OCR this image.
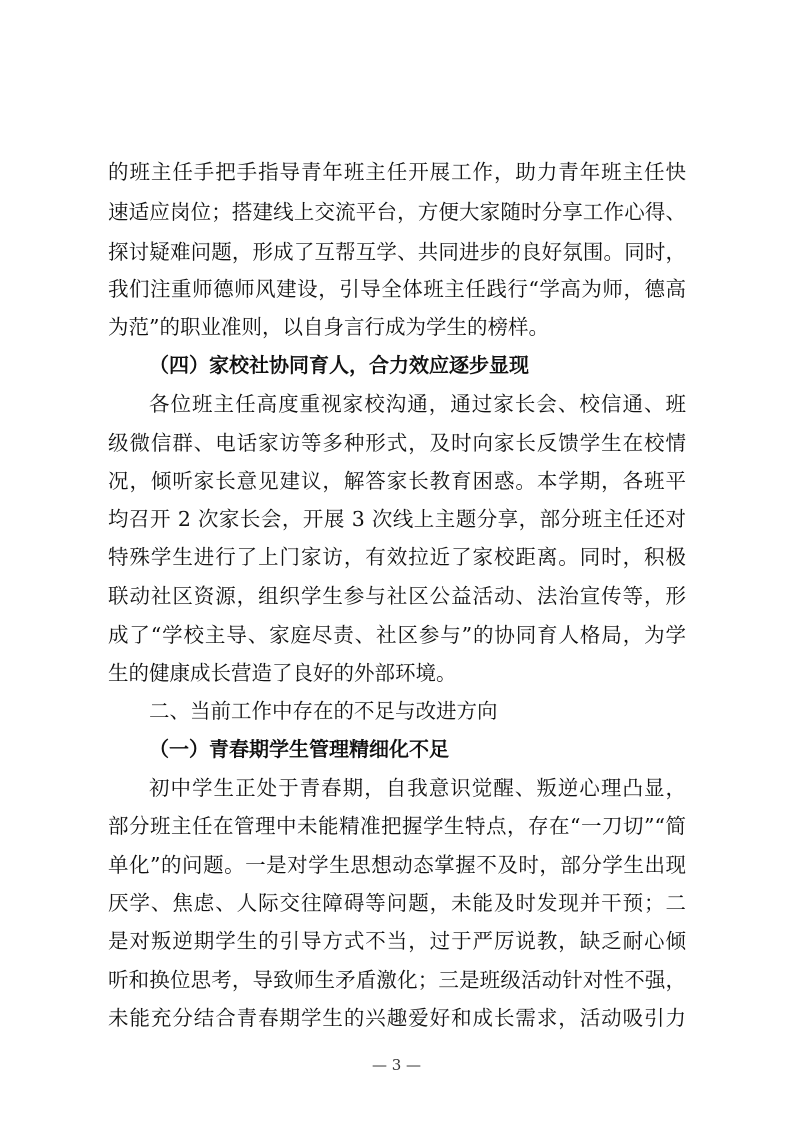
的班主任手把手指导青年班主任开展工作，助力青年班主任快
速适应岗位；搭建线上交流平台，方便大家随时分享工作心得、
探讨疑难问题，形成了互帮互学、共同进步的良好氛围。同时，
我们注重师德师风建设，引导全体班主任践行“学高为师，德高
为范”的职业准则，以自身言行成为学生的榜样。
（四）家校社协同育人，合力效应逐步显现
各位班主任高度重视家校沟通，通过家长会、校信通、班
级微信群、电话家访等多种形式，及时向家长反馈学生在校情
况，倾听家长意见建议，解答家长教育困惑。本学期，各班平
均召开 2 次家长会，开展 3 次线上主题分享，部分班主任还对
特殊学生进行了上门家访，有效拉近了家校距离。同时，积极
联动社区资源，组织学生参与社区公益活动、法治宣传等，形
成了“学校主导、家庭尽责、社区参与”的协同育人格局，为学
生的健康成长营造了良好的外部环境。
二、当前工作中存在的不足与改进方向
（一）青春期学生管理精细化不足
初中学生正处于青春期，自我意识觉醒、叛逆心理凸显，
部分班主任在管理中未能精准把握学生特点，存在“一刀切”“简
单化”的问题。一是对学生思想动态掌握不及时，部分学生出现
厌学、焦虑、人际交往障碍等问题，未能及时发现并干预；二
是对叛逆期学生的引导方式不当，过于严厉说教，缺乏耐心倾
听和换位思考，导致师生矛盾激化；三是班级活动针对性不强，
未能充分结合青春期学生的兴趣爱好和成长需求，活动吸引力
— 3 —
